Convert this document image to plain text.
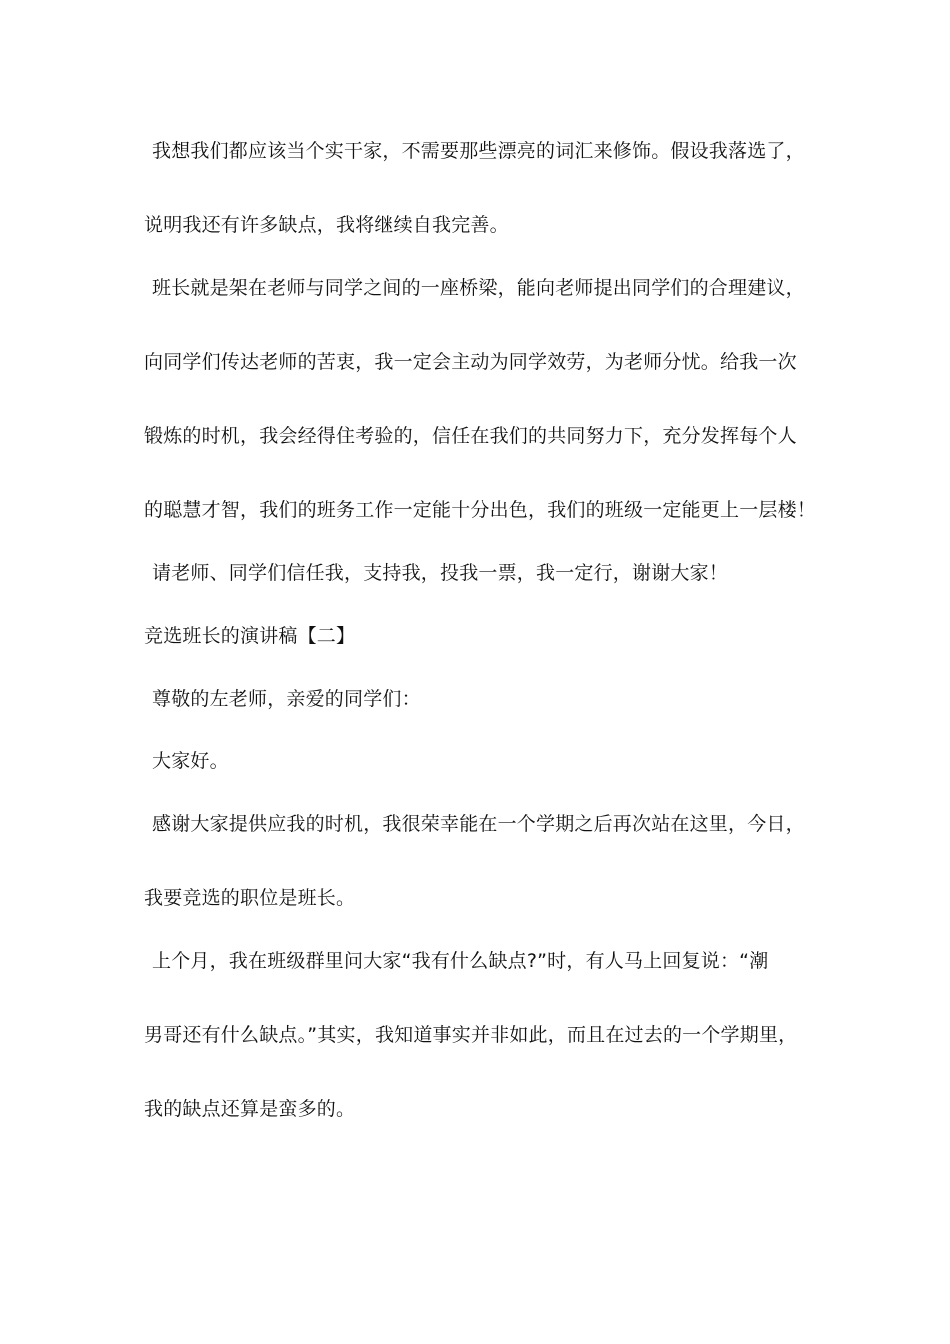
我想我们都应该当个实干家，不需要那些漂亮的词汇来修饰。假设我落选了，
说明我还有许多缺点，我将继续自我完善。
班长就是架在老师与同学之间的一座桥梁，能向老师提出同学们的合理建议，
向同学们传达老师的苦衷，我一定会主动为同学效劳，为老师分忧。给我一次
锻炼的时机，我会经得住考验的，信任在我们的共同努力下，充分发挥每个人
的聪慧才智，我们的班务工作一定能十分出色，我们的班级一定能更上一层楼！
请老师、同学们信任我，支持我，投我一票，我一定行，谢谢大家！
竞选班长的演讲稿【二】
尊敬的左老师，亲爱的同学们：
大家好。
感谢大家提供应我的时机，我很荣幸能在一个学期之后再次站在这里，今日，
我要竞选的职位是班长。
上个月，我在班级群里问大家“我有什么缺点?”时，有人马上回复说：“潮
男哥还有什么缺点。”其实，我知道事实并非如此，而且在过去的一个学期里，
我的缺点还算是蛮多的。
